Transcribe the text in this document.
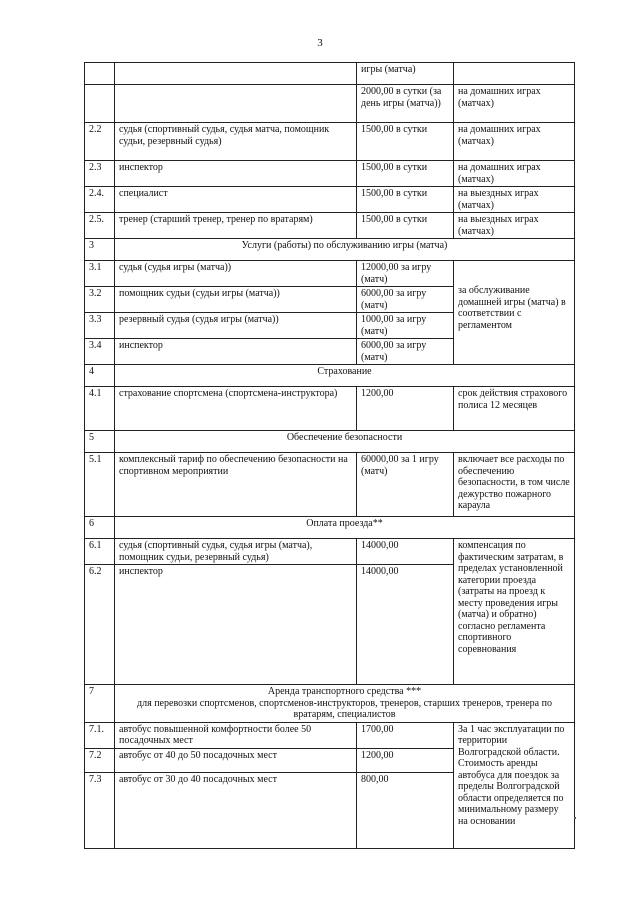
3
		игры (матча)	
		2000,00 в сутки (за день игры (матча))	на домашних играх (матчах)
2.2	судья (спортивный судья, судья матча, помощник судьи, резервный судья)	1500,00 в сутки	на домашних играх (матчах)
2.3	инспектор	1500,00 в сутки	на домашних играх (матчах)
2.4.	специалист	1500,00 в сутки	на выездных играх (матчах)
2.5.	тренер (старший тренер, тренер по вратарям)	1500,00 в сутки	на выездных играх (матчах)
3	Услуги (работы) по обслуживанию игры (матча)		
3.1	судья (судья игры (матча))	12000,00 за игру (матч)	за обслуживание домашней игры (матча) в соответствии с регламентом
3.2	помощник судьи (судьи игры (матча))	6000,00 за игру (матч)	
3.3	резервный судья (судья игры (матча))	1000,00 за игру (матч)	
3.4	инспектор	6000,00 за игру (матч)	
4	Страхование		
4.1	страхование спортсмена (спортсмена-инструктора)	1200,00	срок действия страхового полиса 12 месяцев
5	Обеспечение безопасности		
5.1	комплексный тариф по обеспечению безопасности на спортивном мероприятии	60000,00 за 1 игру (матч)	включает все расходы по обеспечению безопасности, в том числе дежурство пожарного караула
6	Оплата проезда**		
6.1	судья (спортивный судья, судья игры (матча), помощник судьи, резервный судья)	14000,00	компенсация по фактическим затратам, в пределах установленной категории проезда (затраты на проезд к месту проведения игры (матча) и обратно) согласно регламента спортивного соревнования
6.2	инспектор	14000,00	
7	Аренда транспортного средства ***
для перевозки спортсменов, спортсменов-инструкторов, тренеров, старших тренеров, тренера по вратарям, специалистов		

7.1.	автобус повышенной комфортности более 50 посадочных мест	1700,00	За 1 час эксплуатации по территории Волгоградской области. Стоимость аренды автобуса для поездок за пределы Волгоградской области определяется по минимальному размеру на основании
7.2	автобус от 40 до 50 посадочных мест	1200,00	
7.3	автобус от 30 до 40 посадочных мест	800,00	
